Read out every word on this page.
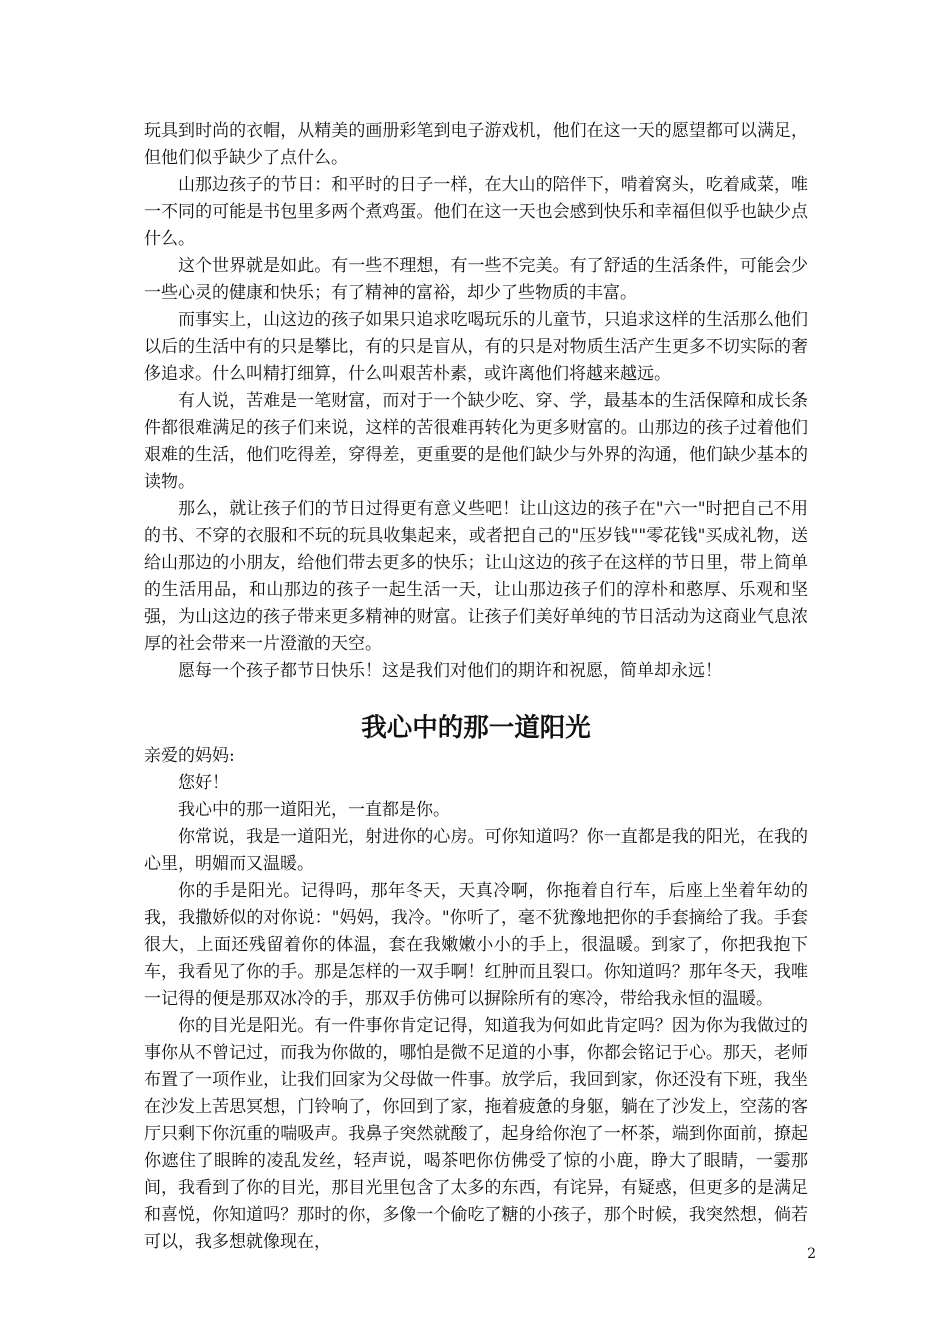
玩具到时尚的衣帽，从精美的画册彩笔到电子游戏机，他们在这一天的愿望都可以满足，但他们似乎缺少了点什么。

山那边孩子的节日：和平时的日子一样，在大山的陪伴下，啃着窝头，吃着咸菜，唯一不同的可能是书包里多两个煮鸡蛋。他们在这一天也会感到快乐和幸福但似乎也缺少点什么。

这个世界就是如此。有一些不理想，有一些不完美。有了舒适的生活条件，可能会少一些心灵的健康和快乐；有了精神的富裕，却少了些物质的丰富。

而事实上，山这边的孩子如果只追求吃喝玩乐的儿童节，只追求这样的生活那么他们以后的生活中有的只是攀比，有的只是盲从，有的只是对物质生活产生更多不切实际的奢侈追求。什么叫精打细算，什么叫艰苦朴素，或许离他们将越来越远。

有人说，苦难是一笔财富，而对于一个缺少吃、穿、学，最基本的生活保障和成长条件都很难满足的孩子们来说，这样的苦很难再转化为更多财富的。山那边的孩子过着他们艰难的生活，他们吃得差，穿得差，更重要的是他们缺少与外界的沟通，他们缺少基本的读物。

那么，就让孩子们的节日过得更有意义些吧！让山这边的孩子在"六一"时把自己不用的书、不穿的衣服和不玩的玩具收集起来，或者把自己的"压岁钱""零花钱"买成礼物，送给山那边的小朋友，给他们带去更多的快乐；让山这边的孩子在这样的节日里，带上简单的生活用品，和山那边的孩子一起生活一天，让山那边孩子们的淳朴和憨厚、乐观和坚强，为山这边的孩子带来更多精神的财富。让孩子们美好单纯的节日活动为这商业气息浓厚的社会带来一片澄澈的天空。

愿每一个孩子都节日快乐！这是我们对他们的期许和祝愿，简单却永远！

我心中的那一道阳光

亲爱的妈妈:

您好！

我心中的那一道阳光，一直都是你。

你常说，我是一道阳光，射进你的心房。可你知道吗？你一直都是我的阳光，在我的心里，明媚而又温暖。

你的手是阳光。记得吗，那年冬天，天真冷啊，你拖着自行车，后座上坐着年幼的我，我撒娇似的对你说："妈妈，我冷。"你听了，毫不犹豫地把你的手套摘给了我。手套很大，上面还残留着你的体温，套在我嫩嫩小小的手上，很温暖。到家了，你把我抱下车，我看见了你的手。那是怎样的一双手啊！红肿而且裂口。你知道吗？那年冬天，我唯一记得的便是那双冰冷的手，那双手仿佛可以摒除所有的寒冷，带给我永恒的温暖。

你的目光是阳光。有一件事你肯定记得，知道我为何如此肯定吗？因为你为我做过的事你从不曾记过，而我为你做的，哪怕是微不足道的小事，你都会铭记于心。那天，老师布置了一项作业，让我们回家为父母做一件事。放学后，我回到家，你还没有下班，我坐在沙发上苦思冥想，门铃响了，你回到了家，拖着疲惫的身躯，躺在了沙发上，空荡的客厅只剩下你沉重的喘吸声。我鼻子突然就酸了，起身给你泡了一杯茶，端到你面前，撩起你遮住了眼眸的凌乱发丝，轻声说，喝茶吧你仿佛受了惊的小鹿，睁大了眼睛，一霎那间，我看到了你的目光，那目光里包含了太多的东西，有诧异，有疑惑，但更多的是满足和喜悦，你知道吗？那时的你，多像一个偷吃了糖的小孩子，那个时候，我突然想，倘若可以，我多想就像现在，

2
